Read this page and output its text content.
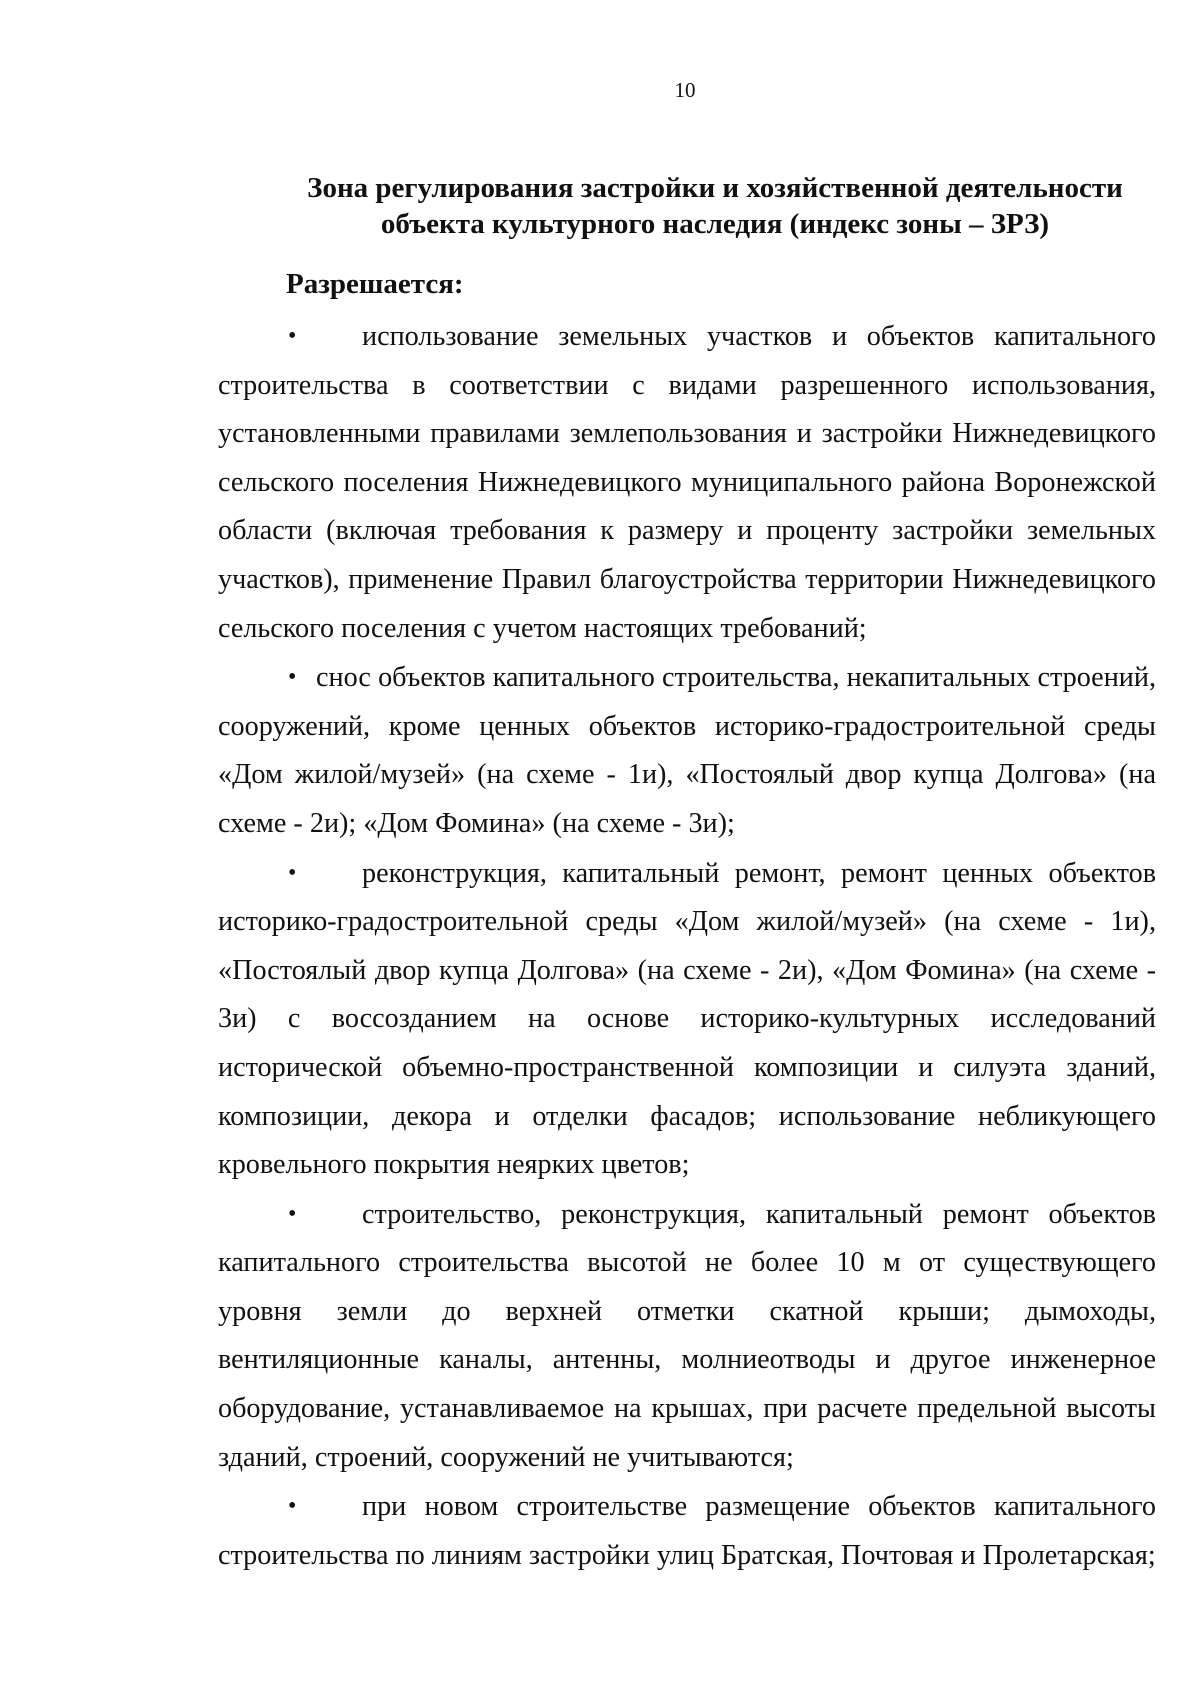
10
Зона регулирования застройки и хозяйственной деятельности
объекта культурного наследия (индекс зоны – ЗРЗ)
Разрешается:

• использование земельных участков и объектов капитального строительства в соответствии с видами разрешенного использования, установленными правилами землепользования и застройки Нижнедевицкого сельского поселения Нижнедевицкого муниципального района Воронежской области (включая требования к размеру и проценту застройки земельных участков), применение Правил благоустройства территории Нижнедевицкого сельского поселения с учетом настоящих требований;

• снос объектов капитального строительства, некапитальных строений, сооружений, кроме ценных объектов историко-градостроительной среды «Дом жилой/музей» (на схеме - 1и), «Постоялый двор купца Долгова» (на схеме - 2и); «Дом Фомина» (на схеме - 3и);

• реконструкция, капитальный ремонт, ремонт ценных объектов историко-градостроительной среды «Дом жилой/музей» (на схеме - 1и), «Постоялый двор купца Долгова» (на схеме - 2и), «Дом Фомина» (на схеме - 3и) с воссозданием на основе историко-культурных исследований исторической объемно-пространственной композиции и силуэта зданий, композиции, декора и отделки фасадов; использование небликующего кровельного покрытия неярких цветов;

• строительство, реконструкция, капитальный ремонт объектов капитального строительства высотой не более 10 м от существующего уровня земли до верхней отметки скатной крыши; дымоходы, вентиляционные каналы, антенны, молниеотводы и другое инженерное оборудование, устанавливаемое на крышах, при расчете предельной высоты зданий, строений, сооружений не учитываются;

• при новом строительстве размещение объектов капитального строительства по линиям застройки улиц Братская, Почтовая и Пролетарская;
